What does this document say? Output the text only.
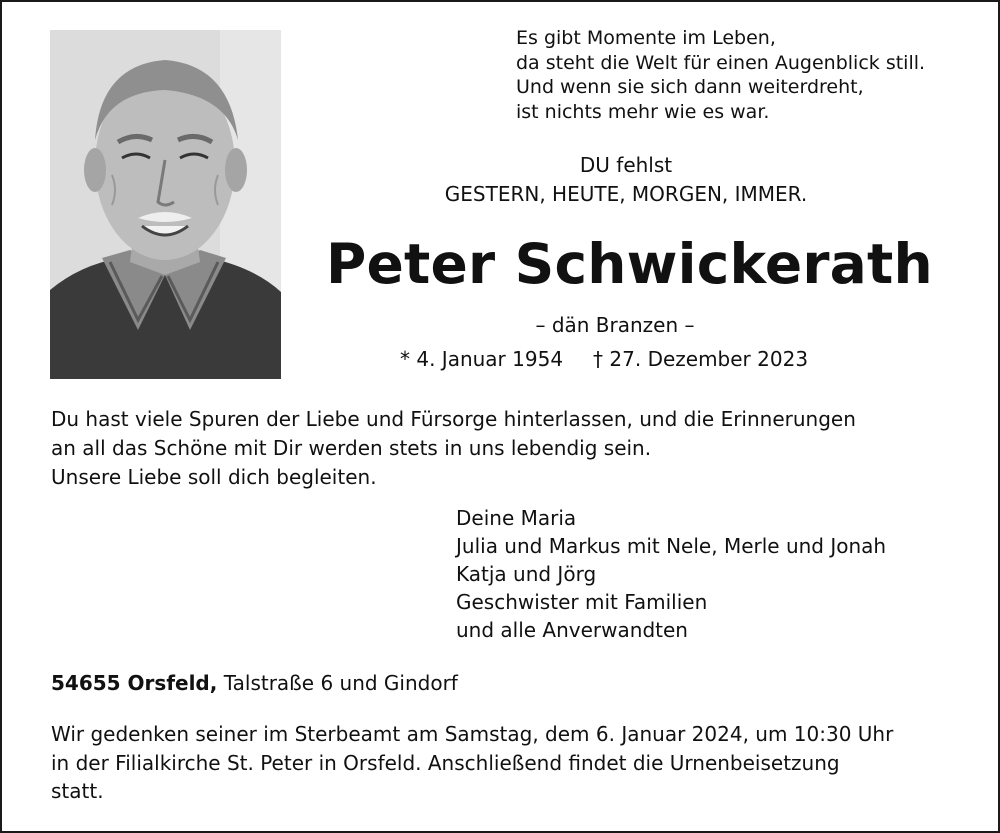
Es gibt Momente im Leben,
da steht die Welt für einen Augenblick still.
Und wenn sie sich dann weiterdreht,
ist nichts mehr wie es war.
DU fehlst
GESTERN, HEUTE, MORGEN, IMMER.
Peter Schwickerath
– dän Branzen –
* 4. Januar 1954 † 27. Dezember 2023
Du hast viele Spuren der Liebe und Fürsorge hinterlassen, und die Erinnerungen
an all das Schöne mit Dir werden stets in uns lebendig sein.
Unsere Liebe soll dich begleiten.
Deine Maria
Julia und Markus mit Nele, Merle und Jonah
Katja und Jörg
Geschwister mit Familien
und alle Anverwandten
54655 Orsfeld, Talstraße 6 und Gindorf
Wir gedenken seiner im Sterbeamt am Samstag, dem 6. Januar 2024, um 10:30 Uhr
in der Filialkirche St. Peter in Orsfeld. Anschließend findet die Urnenbeisetzung
statt.
